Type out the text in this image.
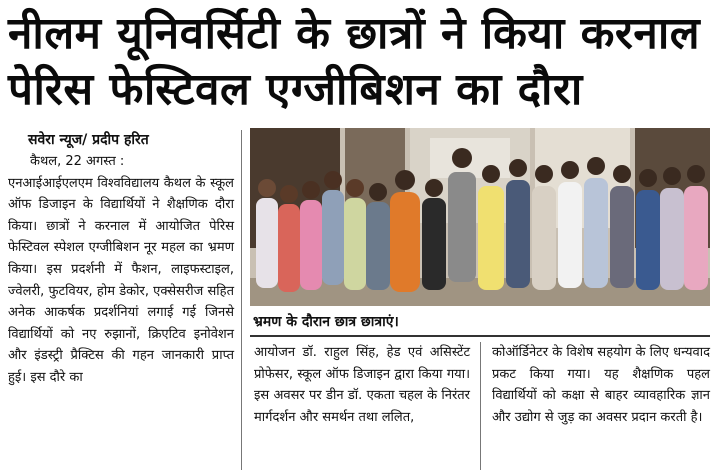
नीलम यूनिवर्सिटी के छात्रों ने किया करनाल
पेरिस फेस्टिवल एग्जीबिशन का दौरा
सवेरा न्यूज/ प्रदीप हरित
कैथल, 22 अगस्त :
एनआईआईएलएम विश्वविद्यालय कैथल के स्कूल ऑफ डिजाइन के विद्यार्थियों ने शैक्षणिक दौरा किया। छात्रों ने करनाल में आयोजित पेरिस फेस्टिवल स्पेशल एग्जीबिशन नूर महल का भ्रमण किया। इस प्रदर्शनी में फैशन, लाइफस्टाइल, ज्वेलरी, फुटवियर, होम डेकोर, एक्सेसरीज सहित अनेक आकर्षक प्रदर्शनियां लगाई गई जिनसे विद्यार्थियों को नए रुझानों, क्रिएटिव इनोवेशन और इंडस्ट्री प्रैक्टिस की गहन जानकारी प्राप्त हुई। इस दौरे का
भ्रमण के दौरान छात्र छात्राएं।
आयोजन डॉ. राहुल सिंह, हेड एवं असिस्टेंट प्रोफेसर, स्कूल ऑफ डिजाइन द्वारा किया गया। इस अवसर पर डीन डॉ. एकता चहल के निरंतर मार्गदर्शन और समर्थन तथा ललित,
कोऑर्डिनेटर के विशेष सहयोग के लिए धन्यवाद प्रकट किया गया। यह शैक्षणिक पहल विद्यार्थियों को कक्षा से बाहर व्यावहारिक ज्ञान और उद्योग से जुड़ का अवसर प्रदान करती है।
